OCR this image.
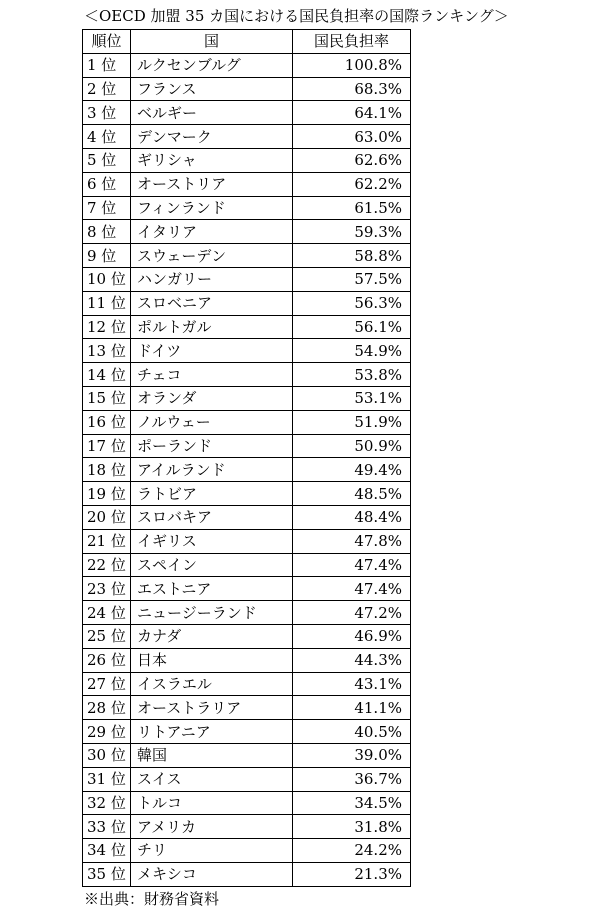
＜OECD 加盟 35 カ国における国民負担率の国際ランキング＞
順位	国	国民負担率
1 位	ルクセンブルグ	100.8%
2 位	フランス	68.3%
3 位	ベルギー	64.1%
4 位	デンマーク	63.0%
5 位	ギリシャ	62.6%
6 位	オーストリア	62.2%
7 位	フィンランド	61.5%
8 位	イタリア	59.3%
9 位	スウェーデン	58.8%
10 位	ハンガリー	57.5%
11 位	スロベニア	56.3%
12 位	ポルトガル	56.1%
13 位	ドイツ	54.9%
14 位	チェコ	53.8%
15 位	オランダ	53.1%
16 位	ノルウェー	51.9%
17 位	ポーランド	50.9%
18 位	アイルランド	49.4%
19 位	ラトビア	48.5%
20 位	スロバキア	48.4%
21 位	イギリス	47.8%
22 位	スペイン	47.4%
23 位	エストニア	47.4%
24 位	ニュージーランド	47.2%
25 位	カナダ	46.9%
26 位	日本	44.3%
27 位	イスラエル	43.1%
28 位	オーストラリア	41.1%
29 位	リトアニア	40.5%
30 位	韓国	39.0%
31 位	スイス	36.7%
32 位	トルコ	34.5%
33 位	アメリカ	31.8%
34 位	チリ	24.2%
35 位	メキシコ	21.3%
※出典：財務省資料
